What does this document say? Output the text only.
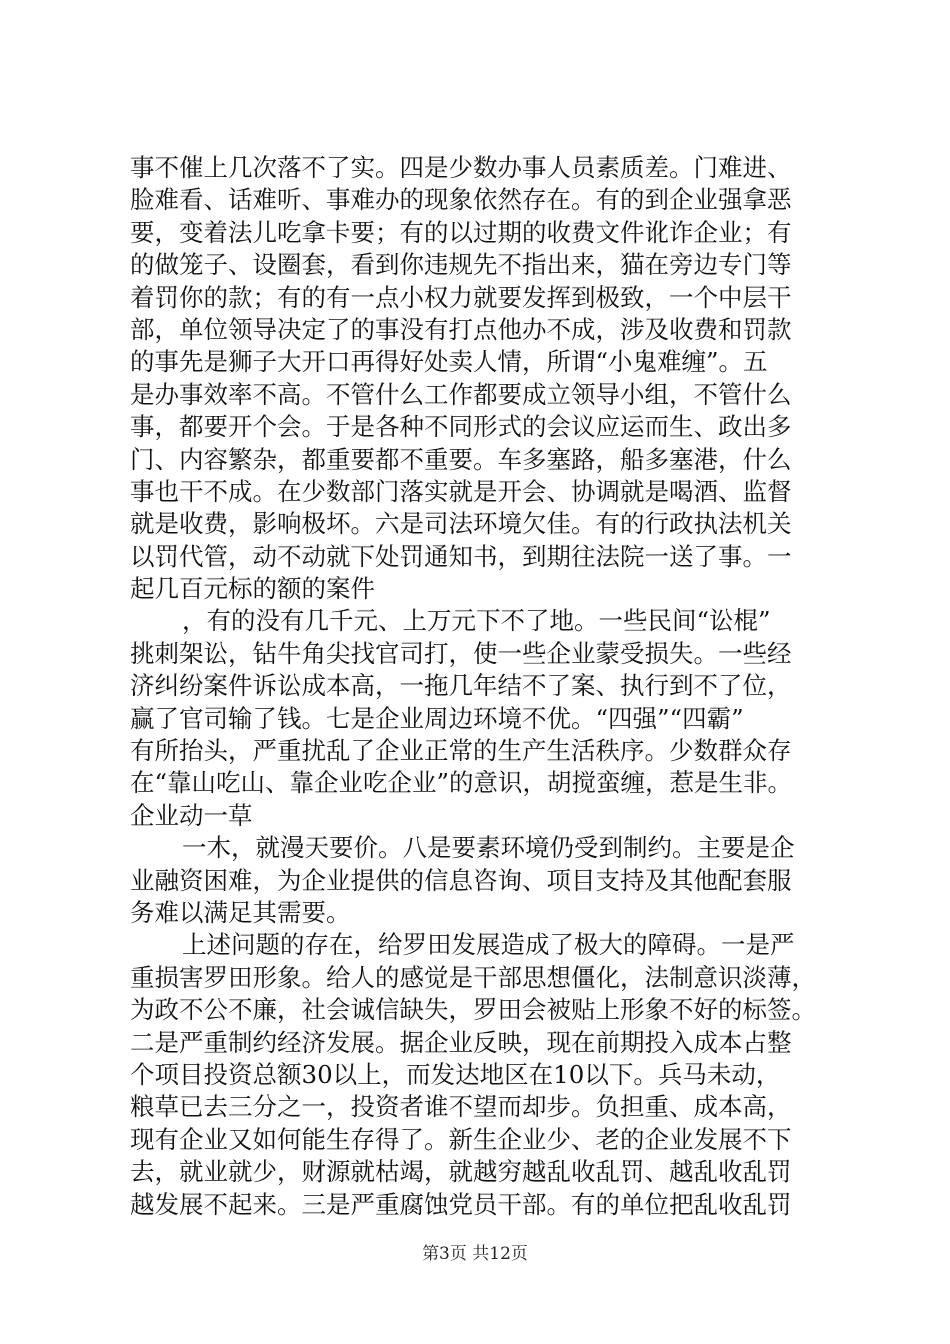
事不催上几次落不了实。四是少数办事人员素质差。门难进、
脸难看、话难听、事难办的现象依然存在。有的到企业强拿恶
要，变着法儿吃拿卡要；有的以过期的收费文件讹诈企业；有
的做笼子、设圈套，看到你违规先不指出来，猫在旁边专门等
着罚你的款；有的有一点小权力就要发挥到极致，一个中层干
部，单位领导决定了的事没有打点他办不成，涉及收费和罚款
的事先是狮子大开口再得好处卖人情，所谓“小鬼难缠”。五
是办事效率不高。不管什么工作都要成立领导小组，不管什么
事，都要开个会。于是各种不同形式的会议应运而生、政出多
门、内容繁杂，都重要都不重要。车多塞路，船多塞港，什么
事也干不成。在少数部门落实就是开会、协调就是喝酒、监督
就是收费，影响极坏。六是司法环境欠佳。有的行政执法机关
以罚代管，动不动就下处罚通知书，到期往法院一送了事。一
起几百元标的额的案件
，有的没有几千元、上万元下不了地。一些民间“讼棍”
挑刺架讼，钻牛角尖找官司打，使一些企业蒙受损失。一些经
济纠纷案件诉讼成本高，一拖几年结不了案、执行到不了位，
赢了官司输了钱。七是企业周边环境不优。“四强”“四霸”
有所抬头，严重扰乱了企业正常的生产生活秩序。少数群众存
在“靠山吃山、靠企业吃企业”的意识，胡搅蛮缠，惹是生非。
企业动一草
一木，就漫天要价。八是要素环境仍受到制约。主要是企
业融资困难，为企业提供的信息咨询、项目支持及其他配套服
务难以满足其需要。
上述问题的存在，给罗田发展造成了极大的障碍。一是严
重损害罗田形象。给人的感觉是干部思想僵化，法制意识淡薄，
为政不公不廉，社会诚信缺失，罗田会被贴上形象不好的标签。
二是严重制约经济发展。据企业反映，现在前期投入成本占整
个项目投资总额30以上，而发达地区在10以下。兵马未动，
粮草已去三分之一，投资者谁不望而却步。负担重、成本高，
现有企业又如何能生存得了。新生企业少、老的企业发展不下
去，就业就少，财源就枯竭，就越穷越乱收乱罚、越乱收乱罚
越发展不起来。三是严重腐蚀党员干部。有的单位把乱收乱罚
第3页 共12页
